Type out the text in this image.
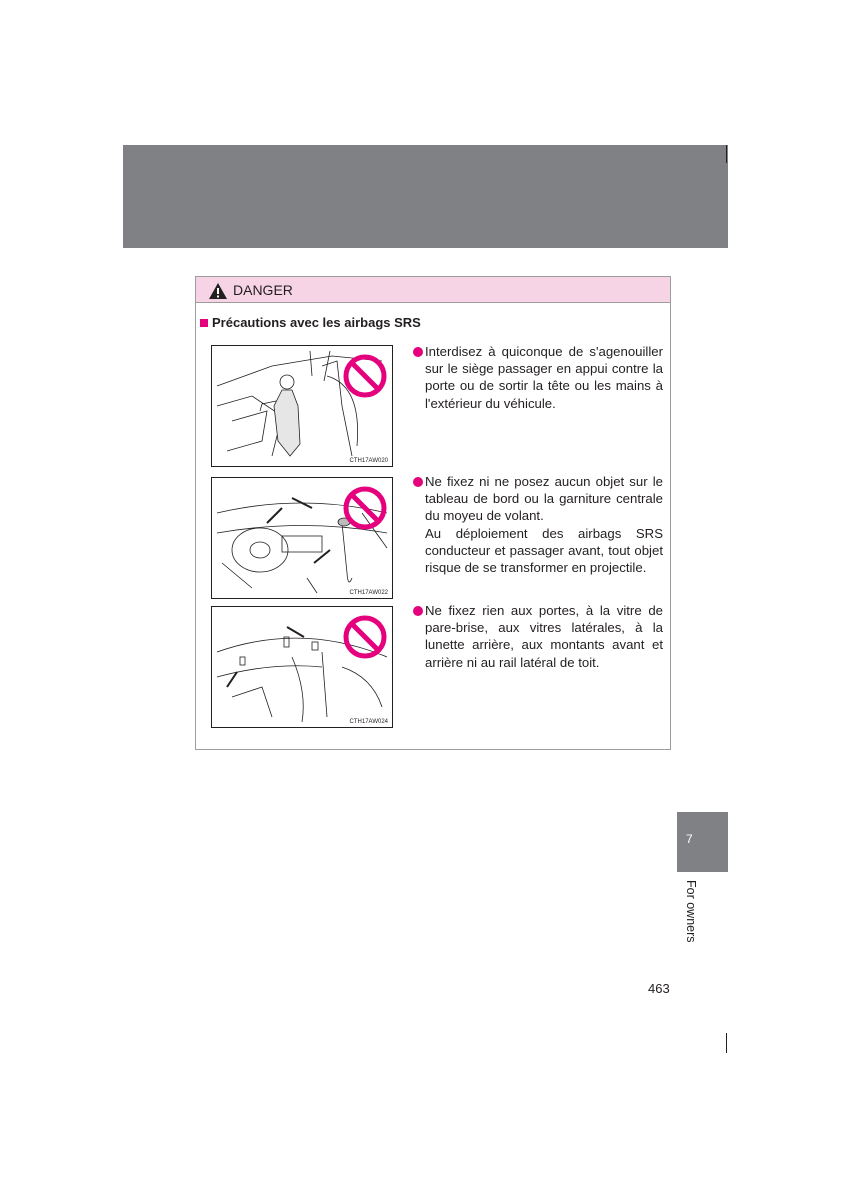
DANGER
Précautions avec les airbags SRS
CTH17AW020
CTH17AW022
CTH17AW024

Interdisez à quiconque de s'agenouiller sur le siège passager en appui contre la porte ou de sortir la tête ou les mains à l'extérieur du véhicule.

Ne fixez ni ne posez aucun objet sur le tableau de bord ou la garniture centrale du moyeu de volant.

Au déploiement des airbags SRS conducteur et passager avant, tout objet risque de se transformer en projectile.

Ne fixez rien aux portes, à la vitre de pare-brise, aux vitres latérales, à la lunette arrière, aux montants avant et arrière ni au rail latéral de toit.

7
For owners
463
